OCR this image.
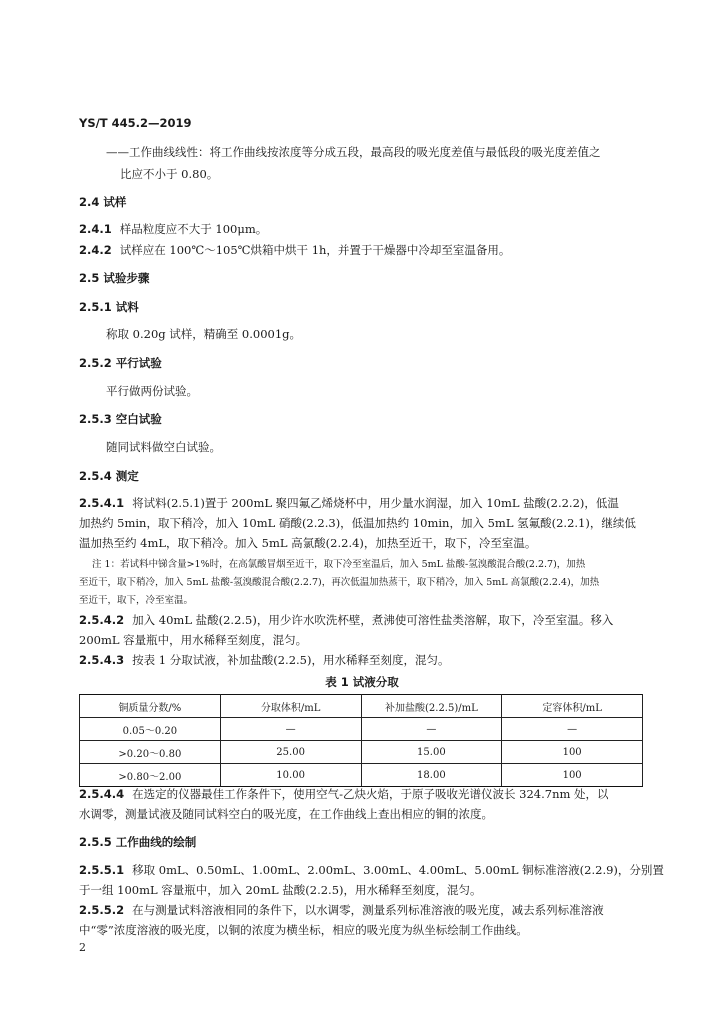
YS/T 445.2—2019
——工作曲线线性：将工作曲线按浓度等分成五段，最高段的吸光度差值与最低段的吸光度差值之
比应不小于 0.80。
2.4 试样
2.4.1 样品粒度应不大于 100μm。
2.4.2 试样应在 100℃～105℃烘箱中烘干 1h，并置于干燥器中冷却至室温备用。
2.5 试验步骤
2.5.1 试料
称取 0.20g 试样，精确至 0.0001g。
2.5.2 平行试验
平行做两份试验。
2.5.3 空白试验
随同试料做空白试验。
2.5.4 测定
2.5.4.1 将试料(2.5.1)置于 200mL 聚四氟乙烯烧杯中，用少量水润湿，加入 10mL 盐酸(2.2.2)，低温
加热约 5min，取下稍冷，加入 10mL 硝酸(2.2.3)，低温加热约 10min，加入 5mL 氢氟酸(2.2.1)，继续低
温加热至约 4mL，取下稍冷。加入 5mL 高氯酸(2.2.4)，加热至近干，取下，冷至室温。
注 1：若试料中锑含量>1%时，在高氯酸冒烟至近干，取下冷至室温后，加入 5mL 盐酸-氢溴酸混合酸(2.2.7)，加热
至近干，取下稍冷，加入 5mL 盐酸-氢溴酸混合酸(2.2.7)，再次低温加热蒸干，取下稍冷，加入 5mL 高氯酸(2.2.4)，加热
至近干，取下，冷至室温。
2.5.4.2 加入 40mL 盐酸(2.2.5)，用少许水吹洗杯壁，煮沸使可溶性盐类溶解，取下，冷至室温。移入
200mL 容量瓶中，用水稀释至刻度，混匀。
2.5.4.3 按表 1 分取试液，补加盐酸(2.2.5)，用水稀释至刻度，混匀。
表 1 试液分取
铜质量分数/%	分取体积/mL	补加盐酸(2.2.5)/mL	定容体积/mL
0.05～0.20	—	—	—
>0.20～0.80	25.00	15.00	100
>0.80～2.00	10.00	18.00	100
2.5.4.4 在选定的仪器最佳工作条件下，使用空气-乙炔火焰，于原子吸收光谱仪波长 324.7nm 处，以
水调零，测量试液及随同试料空白的吸光度，在工作曲线上查出相应的铜的浓度。
2.5.5 工作曲线的绘制
2.5.5.1 移取 0mL、0.50mL、1.00mL、2.00mL、3.00mL、4.00mL、5.00mL 铜标准溶液(2.2.9)，分别置
于一组 100mL 容量瓶中，加入 20mL 盐酸(2.2.5)，用水稀释至刻度，混匀。
2.5.5.2 在与测量试料溶液相同的条件下，以水调零，测量系列标准溶液的吸光度，减去系列标准溶液
中“零”浓度溶液的吸光度，以铜的浓度为横坐标，相应的吸光度为纵坐标绘制工作曲线。
2
